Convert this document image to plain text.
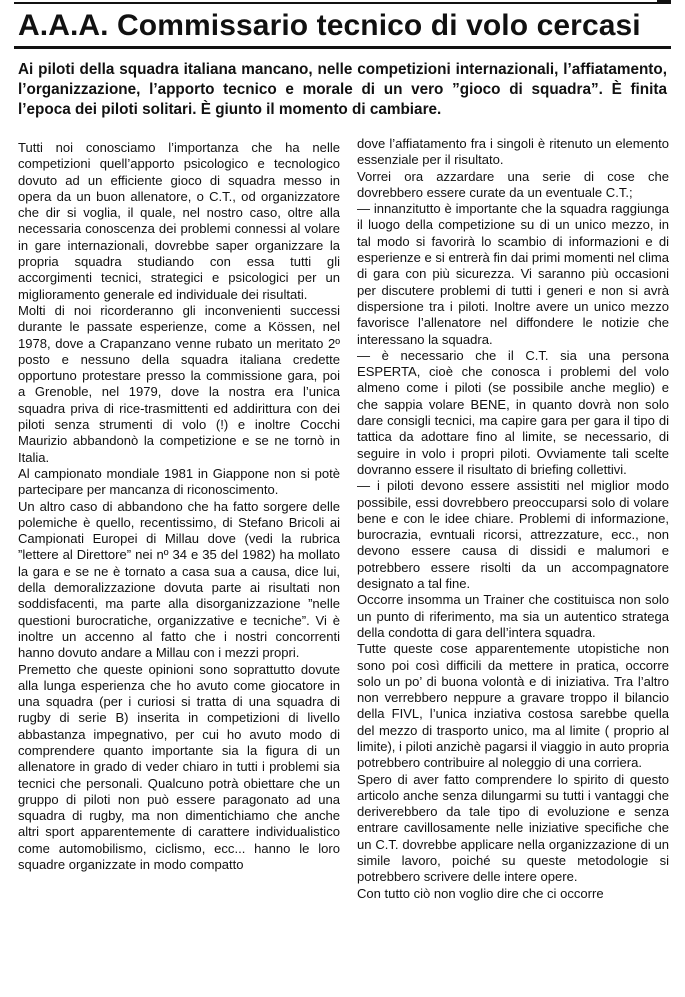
A.A.A. Commissario tecnico di volo cercasi

Ai piloti della squadra italiana mancano, nelle competizioni internazionali, l’affiatamento, l’organizzazione, l’apporto tecnico e morale di un vero ”gioco di squadra”. È finita l’epoca dei piloti solitari. È giunto il momento di cambiare.

Tutti noi conosciamo l’importanza che ha nelle competizioni quell’apporto psicologico e tecnologico dovuto ad un efficiente gioco di squadra messo in opera da un buon allenatore, o C.T., od organizzatore che dir si voglia, il quale, nel nostro caso, oltre alla necessaria conoscenza dei problemi connessi al volare in gare internazionali, dovrebbe saper organizzare la propria squadra studiando con essa tutti gli accorgimenti tecnici, strategici e psicologici per un miglioramento generale ed individuale dei risultati.

Molti di noi ricorderanno gli inconvenienti successi durante le passate esperienze, come a Kössen, nel 1978, dove a Crapanzano venne rubato un meritato 2º posto e nessuno della squadra italiana credette opportuno protestare presso la commissione gara, poi a Grenoble, nel 1979, dove la nostra era l’unica squadra priva di rice-trasmittenti ed addirittura con dei piloti senza strumenti di volo (!) e inoltre Cocchi Maurizio abbandonò la competizione e se ne tornò in Italia.

Al campionato mondiale 1981 in Giappone non si potè partecipare per mancanza di riconoscimento.

Un altro caso di abbandono che ha fatto sorgere delle polemiche è quello, recentissimo, di Stefano Bricoli ai Campionati Europei di Millau dove (vedi la rubrica ”lettere al Direttore” nei nº 34 e 35 del 1982) ha mollato la gara e se ne è tornato a casa sua a causa, dice lui, della demoralizzazione dovuta parte ai risultati non soddisfacenti, ma parte alla disorganizzazione ”nelle questioni burocratiche, organizzative e tecniche”. Vi è inoltre un accenno al fatto che i nostri concorrenti hanno dovuto andare a Millau con i mezzi propri.

Premetto che queste opinioni sono soprattutto dovute alla lunga esperienza che ho avuto come giocatore in una squadra (per i curiosi si tratta di una squadra di rugby di serie B) inserita in competizioni di livello abbastanza impegnativo, per cui ho avuto modo di comprendere quanto importante sia la figura di un allenatore in grado di veder chiaro in tutti i problemi sia tecnici che personali. Qualcuno potrà obiettare che un gruppo di piloti non può essere paragonato ad una squadra di rugby, ma non dimentichiamo che anche altri sport apparentemente di carattere individualistico come automobilismo, ciclismo, ecc... hanno le loro squadre organizzate in modo compatto

dove l’affiatamento fra i singoli è ritenuto un elemento essenziale per il risultato.

Vorrei ora azzardare una serie di cose che dovrebbero essere curate da un eventuale C.T.;

— innanzitutto è importante che la squadra raggiunga il luogo della competizione su di un unico mezzo, in tal modo si favorirà lo scambio di informazioni e di esperienze e si entrerà fin dai primi momenti nel clima di gara con più sicurezza. Vi saranno più occasioni per discutere problemi di tutti i generi e non si avrà dispersione tra i piloti. Inoltre avere un unico mezzo favorisce l’allenatore nel diffondere le notizie che interessano la squadra.

— è necessario che il C.T. sia una persona ESPERTA, cioè che conosca i problemi del volo almeno come i piloti (se possibile anche meglio) e che sappia volare BENE, in quanto dovrà non solo dare consigli tecnici, ma capire gara per gara il tipo di tattica da adottare fino al limite, se necessario, di seguire in volo i propri piloti. Ovviamente tali scelte dovranno essere il risultato di briefing collettivi.

— i piloti devono essere assistiti nel miglior modo possibile, essi dovrebbero preoccuparsi solo di volare bene e con le idee chiare. Problemi di informazione, burocrazia, evntuali ricorsi, attrezzature, ecc., non devono essere causa di dissidi e malumori e potrebbero essere risolti da un accompagnatore designato a tal fine.

Occorre insomma un Trainer che costituisca non solo un punto di riferimento, ma sia un autentico stratega della condotta di gara dell’intera squadra.

Tutte queste cose apparentemente utopistiche non sono poi così difficili da mettere in pratica, occorre solo un po’ di buona volontà e di iniziativa. Tra l’altro non verrebbero neppure a gravare troppo il bilancio della FIVL, l’unica inziativa costosa sarebbe quella del mezzo di trasporto unico, ma al limite ( proprio al limite), i piloti anzichè pagarsi il viaggio in auto propria potrebbero contribuire al noleggio di una corriera.

Spero di aver fatto comprendere lo spirito di questo articolo anche senza dilungarmi su tutti i vantaggi che deriverebbero da tale tipo di evoluzione e senza entrare cavillosamente nelle iniziative specifiche che un C.T. dovrebbe applicare nella organizzazione di un simile lavoro, poiché su queste metodologie si potrebbero scrivere delle intere opere.

Con tutto ciò non voglio dire che ci occorre
